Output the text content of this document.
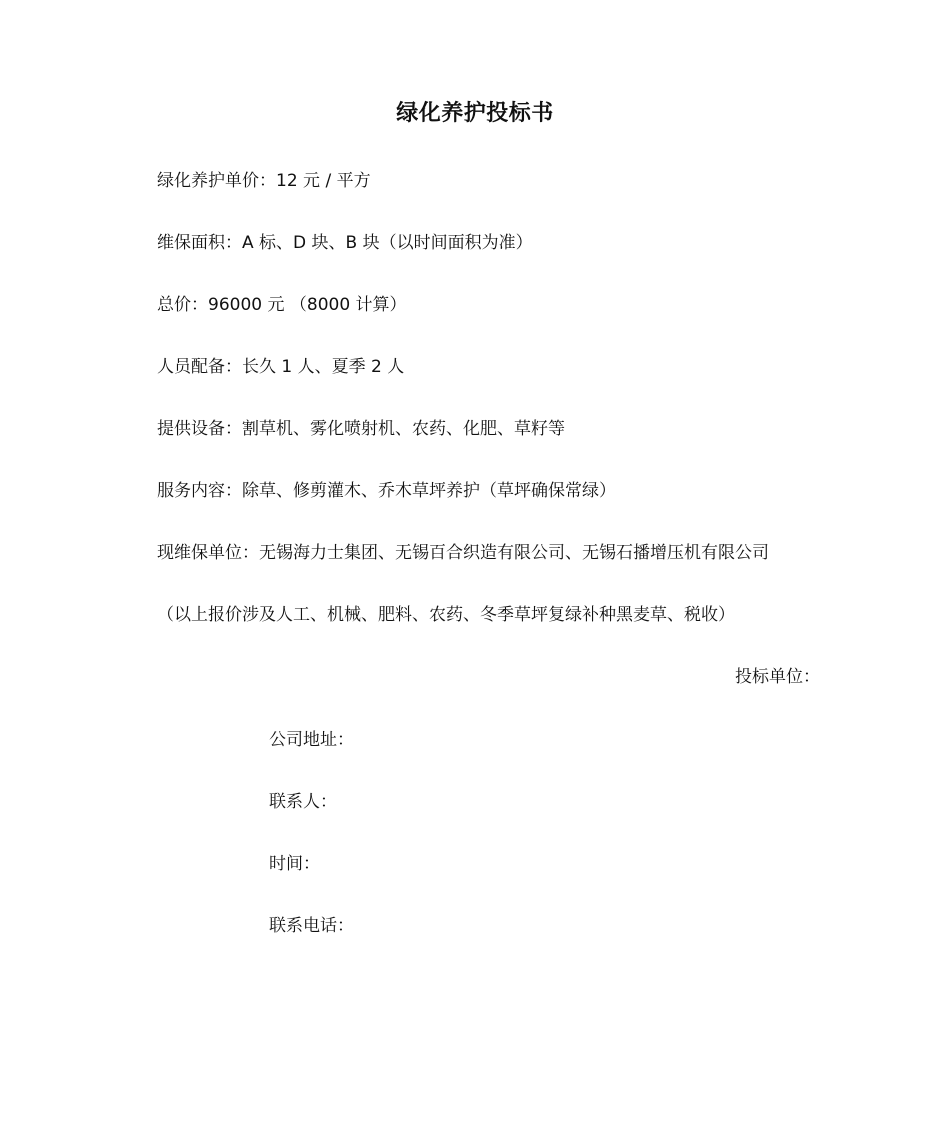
绿化养护投标书
绿化养护单价：12 元 / 平方
维保面积：A 标、D 块、B 块（以时间面积为准）
总价：96000 元 （8000 计算）
人员配备：长久 1 人、夏季 2 人
提供设备：割草机、雾化喷射机、农药、化肥、草籽等
服务内容：除草、修剪灌木、乔木草坪养护（草坪确保常绿）
现维保单位：无锡海力士集团、无锡百合织造有限公司、无锡石播增压机有限公司
（以上报价涉及人工、机械、肥料、农药、冬季草坪复绿补种黑麦草、税收）
投标单位：
公司地址：
联系人：
时间：
联系电话：
